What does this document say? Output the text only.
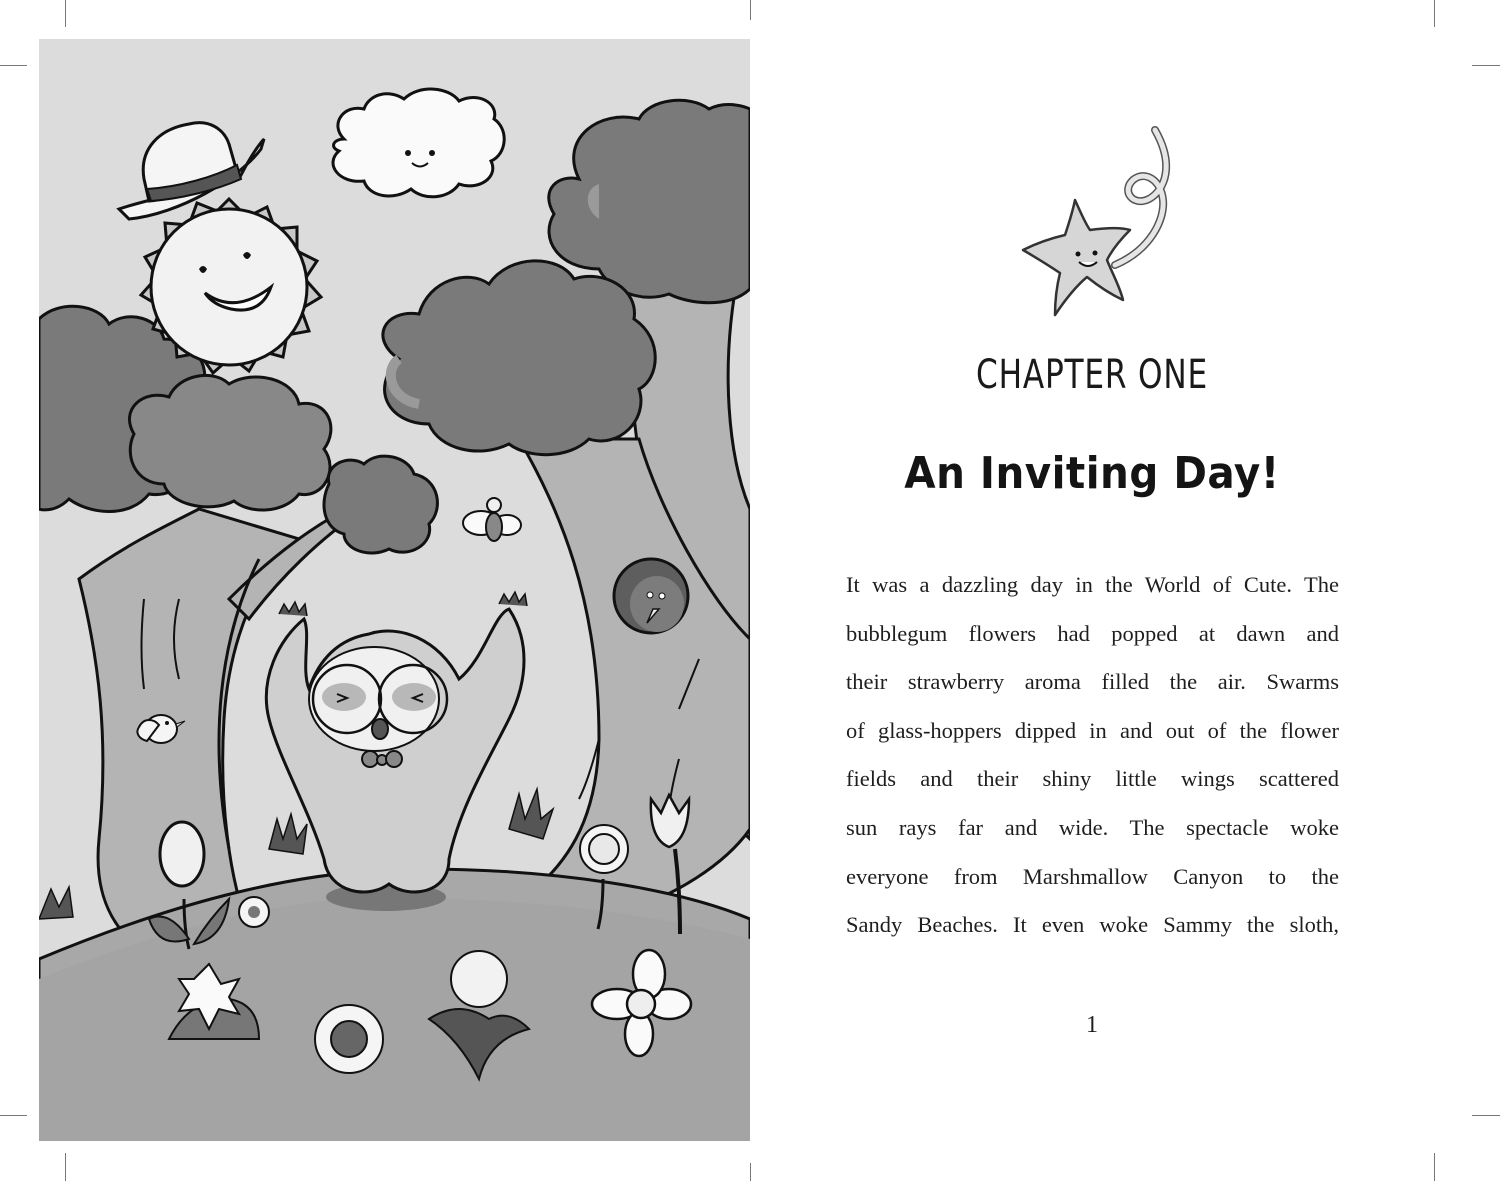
CHAPTER ONE
An Inviting Day!
It was a dazzling day in the World of Cute. The
bubblegum flowers had popped at dawn and
their strawberry aroma filled the air. Swarms
of glass-hoppers dipped in and out of the flower
fields and their shiny little wings scattered
sun rays far and wide. The spectacle woke
everyone from Marshmallow Canyon to the
Sandy Beaches. It even woke Sammy the sloth,
1
